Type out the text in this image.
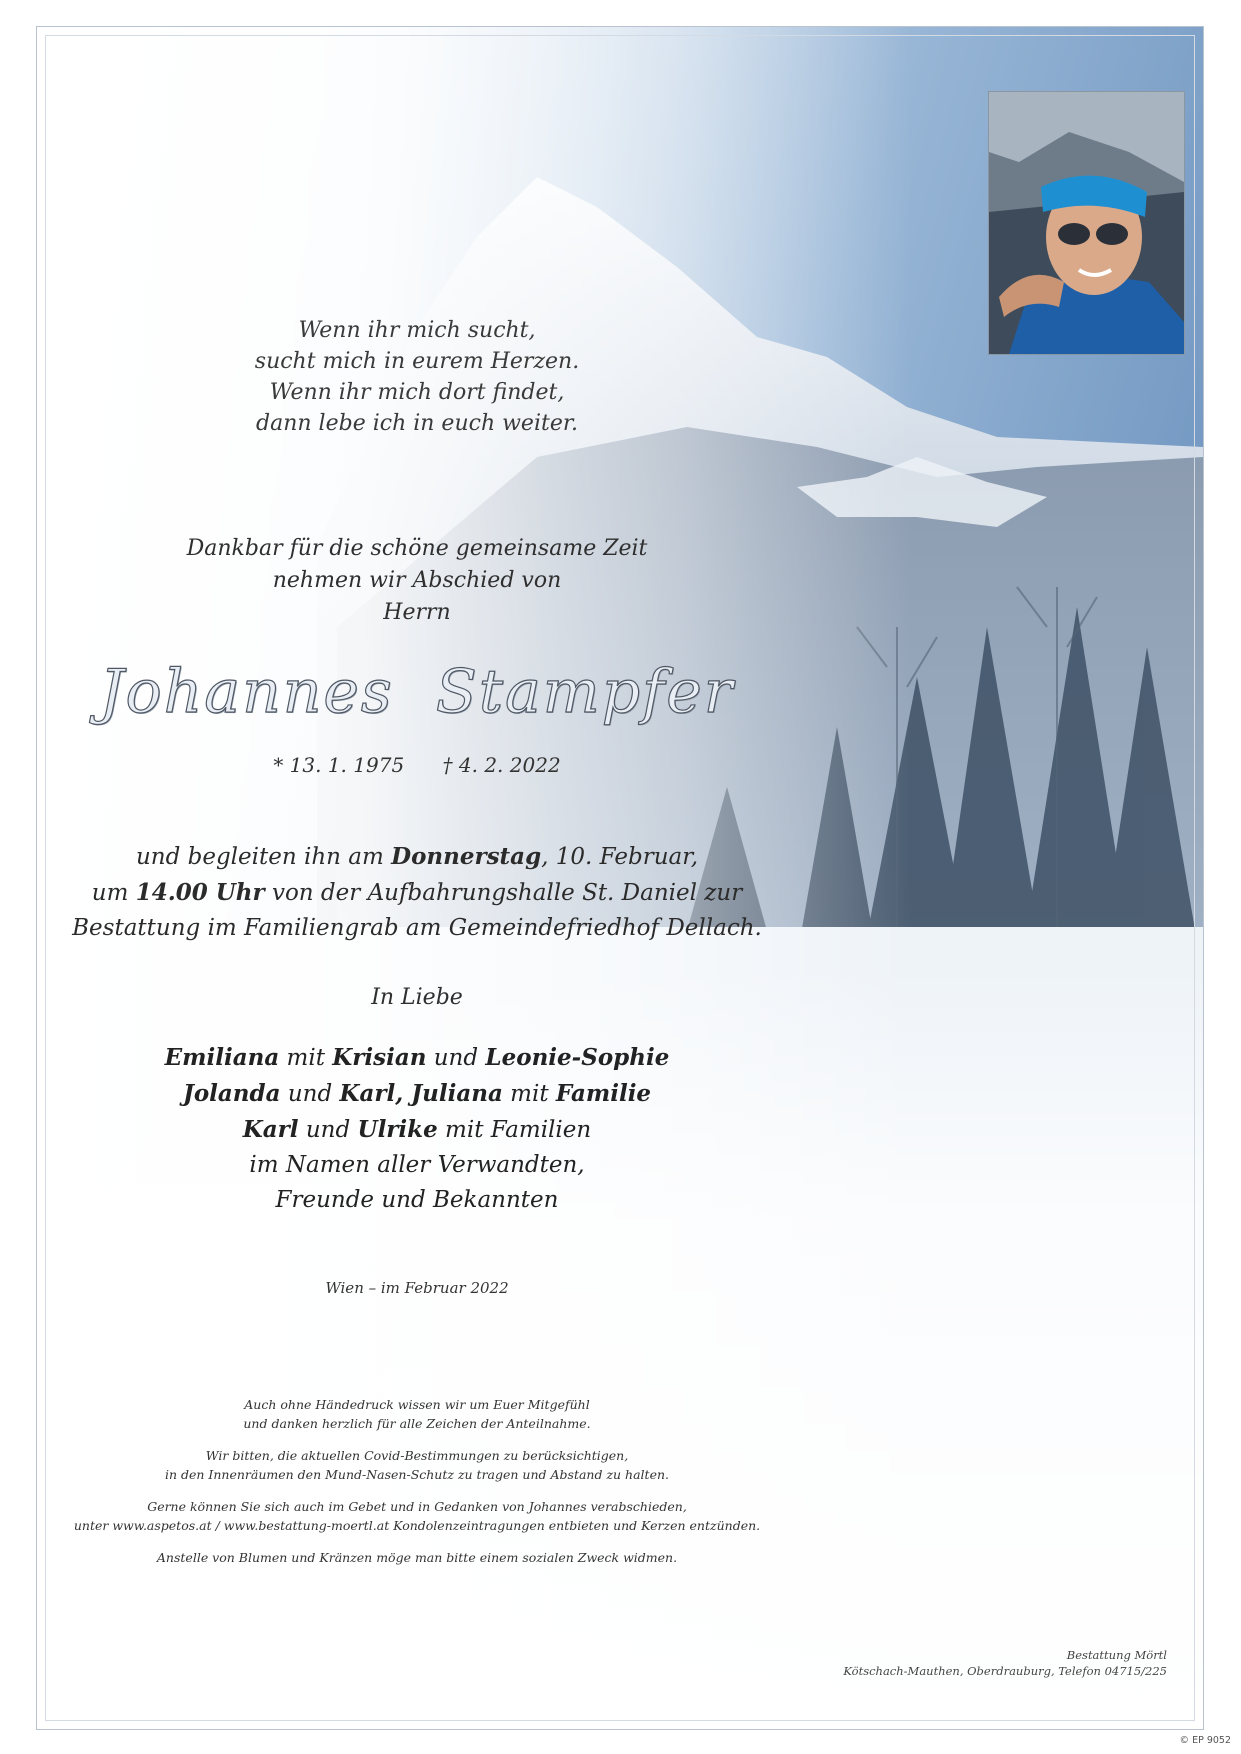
Wenn ihr mich sucht,
sucht mich in eurem Herzen.
Wenn ihr mich dort findet,
dann lebe ich in euch weiter.
Dankbar für die schöne gemeinsame Zeit
nehmen wir Abschied von
Herrn
Johannes  Stampfer
* 13. 1. 1975 † 4. 2. 2022
und begleiten ihn am Donnerstag, 10. Februar,
um 14.00 Uhr von der Aufbahrungshalle St. Daniel zur
Bestattung im Familiengrab am Gemeindefriedhof Dellach.
In Liebe
Emiliana mit Krisian und Leonie-Sophie
Jolanda und Karl, Juliana mit Familie
Karl und Ulrike mit Familien
im Namen aller Verwandten,
Freunde und Bekannten
Wien – im Februar 2022

Auch ohne Händedruck wissen wir um Euer Mitgefühl
und danken herzlich für alle Zeichen der Anteilnahme.

Wir bitten, die aktuellen Covid-Bestimmungen zu berücksichtigen,
in den Innenräumen den Mund-Nasen-Schutz zu tragen und Abstand zu halten.

Gerne können Sie sich auch im Gebet und in Gedanken von Johannes verabschieden,
unter www.aspetos.at / www.bestattung-moertl.at Kondolenzeintragungen entbieten und Kerzen entzünden.

Anstelle von Blumen und Kränzen möge man bitte einem sozialen Zweck widmen.

Bestattung Mörtl
Kötschach-Mauthen, Oberdrauburg, Telefon 04715/225
© EP 9052
